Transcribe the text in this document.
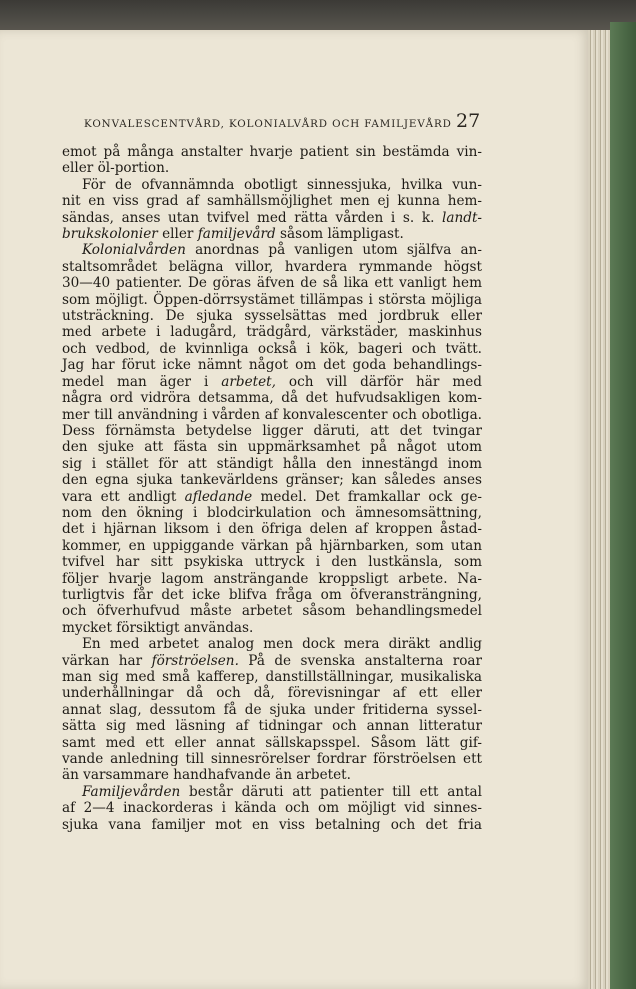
KONVALESCENTVÅRD, KOLONIALVÅRD OCH FAMILJEVÅRD 27
emot på många anstalter hvarje patient sin bestämda vin-
eller öl-portion.
För de ofvannämnda obotligt sinnessjuka, hvilka vun-
nit en viss grad af samhällsmöjlighet men ej kunna hem-
sändas, anses utan tvifvel med rätta vården i s. k. landt-
brukskolonier eller familjevård såsom lämpligast.
Kolonialvården anordnas på vanligen utom själfva an-
staltsområdet belägna villor, hvardera rymmande högst
30—40 patienter. De göras äfven de så lika ett vanligt hem
som möjligt. Öppen-dörrsystämet tillämpas i största möjliga
utsträckning. De sjuka sysselsättas med jordbruk eller
med arbete i ladugård, trädgård, värkstäder, maskinhus
och vedbod, de kvinnliga också i kök, bageri och tvätt.
Jag har förut icke nämnt något om det goda behandlings-
medel man äger i arbetet, och vill därför här med
några ord vidröra detsamma, då det hufvudsakligen kom-
mer till användning i vården af konvalescenter och obotliga.
Dess förnämsta betydelse ligger däruti, att det tvingar
den sjuke att fästa sin uppmärksamhet på något utom
sig i stället för att ständigt hålla den innestängd inom
den egna sjuka tankevärldens gränser; kan således anses
vara ett andligt afledande medel. Det framkallar ock ge-
nom den ökning i blodcirkulation och ämnesomsättning,
det i hjärnan liksom i den öfriga delen af kroppen åstad-
kommer, en uppiggande värkan på hjärnbarken, som utan
tvifvel har sitt psykiska uttryck i den lustkänsla, som
följer hvarje lagom ansträngande kroppsligt arbete. Na-
turligtvis får det icke blifva fråga om öfveransträngning,
och öfverhufvud måste arbetet såsom behandlingsmedel
mycket försiktigt användas.
En med arbetet analog men dock mera diräkt andlig
värkan har förströelsen. På de svenska anstalterna roar
man sig med små kafferep, danstillställningar, musikaliska
underhållningar då och då, förevisningar af ett eller
annat slag, dessutom få de sjuka under fritiderna syssel-
sätta sig med läsning af tidningar och annan litteratur
samt med ett eller annat sällskapsspel. Såsom lätt gif-
vande anledning till sinnesrörelser fordrar förströelsen ett
än varsammare handhafvande än arbetet.
Familjevården består däruti att patienter till ett antal
af 2—4 inackorderas i kända och om möjligt vid sinnes-
sjuka vana familjer mot en viss betalning och det fria
